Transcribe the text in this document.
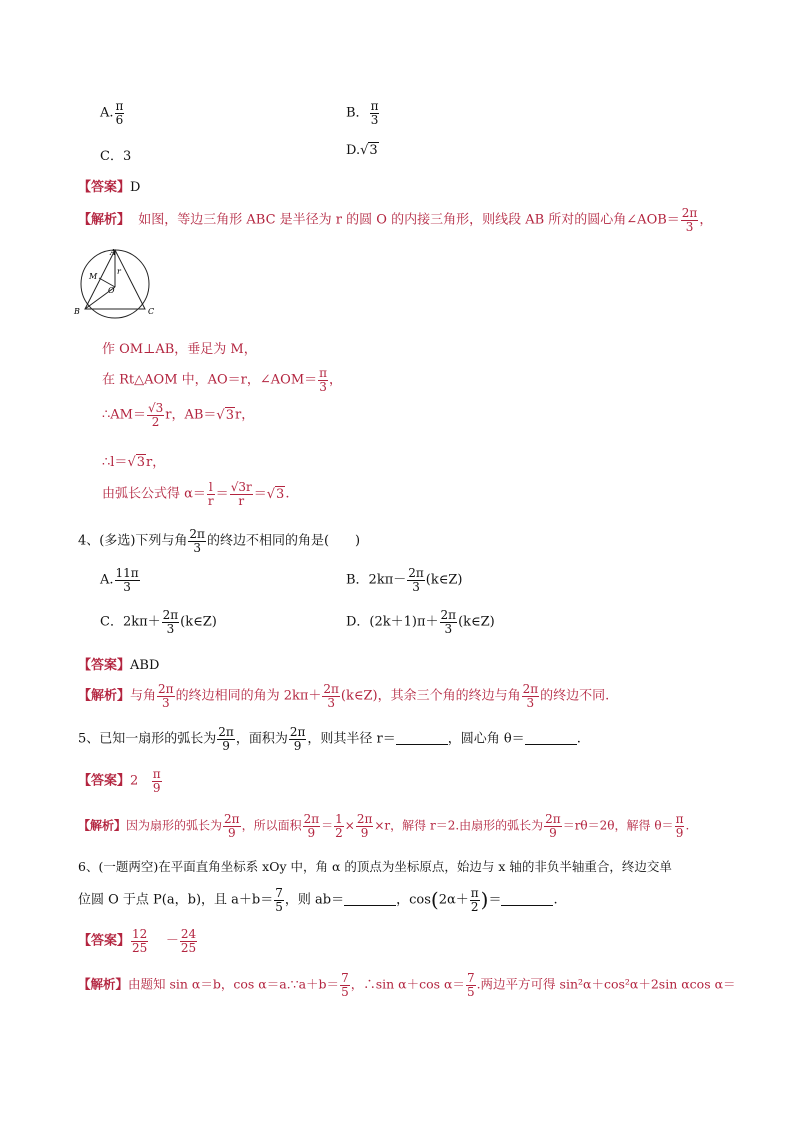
A. $\frac{\pi}{6}$	B． $\frac{\pi}{3}$
C．3	D.√3
【答案】D
【解析】 如图，等边三角形 ABC 是半径为 r 的圆 O 的内接三角形，则线段 AB 所对的圆心角∠AOB＝ $\frac{2\pi}{3}$ ，
A
B	C
M
O
r
作 OM⊥AB，垂足为 M，
在 Rt△AOM 中，AO＝r，∠AOM＝ $\frac{\pi}{3}$ ，
∴AM＝ $\frac{√3}{2}$ r，AB＝√3r，
∴l＝√3r，
由弧长公式得 $\alpha= \frac{l}{r} = \frac{√3r}{r} =√3$.
4、(多选)下列与角 $\frac{2\pi}{3}$ 的终边不相同的角是(　　)
A. $\frac{11\pi}{3}$	B．$2k\pi- \frac{2\pi}{3}$ (k∈Z)
C．$2k\pi+ \frac{2\pi}{3}$ (k∈Z)	D．$(2k+1)\pi+ \frac{2\pi}{3}$ (k∈Z)
【答案】ABD
【解析】与角 $\frac{2\pi}{3}$ 的终边相同的角为 $2k\pi+ \frac{2\pi}{3}$ (k∈Z)，其余三个角的终边与角 $\frac{2\pi}{3}$ 的终边不同.
5、已知一扇形的弧长为 $\frac{2\pi}{9}$ ，面积为 $\frac{2\pi}{9}$ ，则其半径 r＝	，圆心角 θ＝	.
【答案】$2 \frac{\pi}{9}$
【解析】因为扇形的弧长为 $\frac{2\pi}{9}$ ，所以面积 $\frac{2\pi}{9} = \frac{1}{2} \times \frac{2\pi}{9} \times r$，解得 r＝2.由扇形的弧长为 $\frac{2\pi}{9} =r\theta=2\theta$，解得 $\theta= \frac{\pi}{9}$ .
6、(一题两空)在平面直角坐标系 xOy 中，角 α 的顶点为坐标原点，始边与 x 轴的非负半轴重合，终边交单
位圆 O 于点 P(a，b)，且 $a+b= \frac{7}{5}$ ，则 ab＝	，$\cos(2\alpha+ \frac{\pi}{2}$ )＝	.
【答案】 $\frac{12}{25} - \frac{24}{25}$
【解析】由题知 sin α＝b，cos α＝a.∵a＋b＝ $\frac{7}{5}$ ，∴sin α＋cos $\alpha= \frac{7}{5}$ .两边平方可得 sin²α＋cos²α＋2sin αcos α＝
